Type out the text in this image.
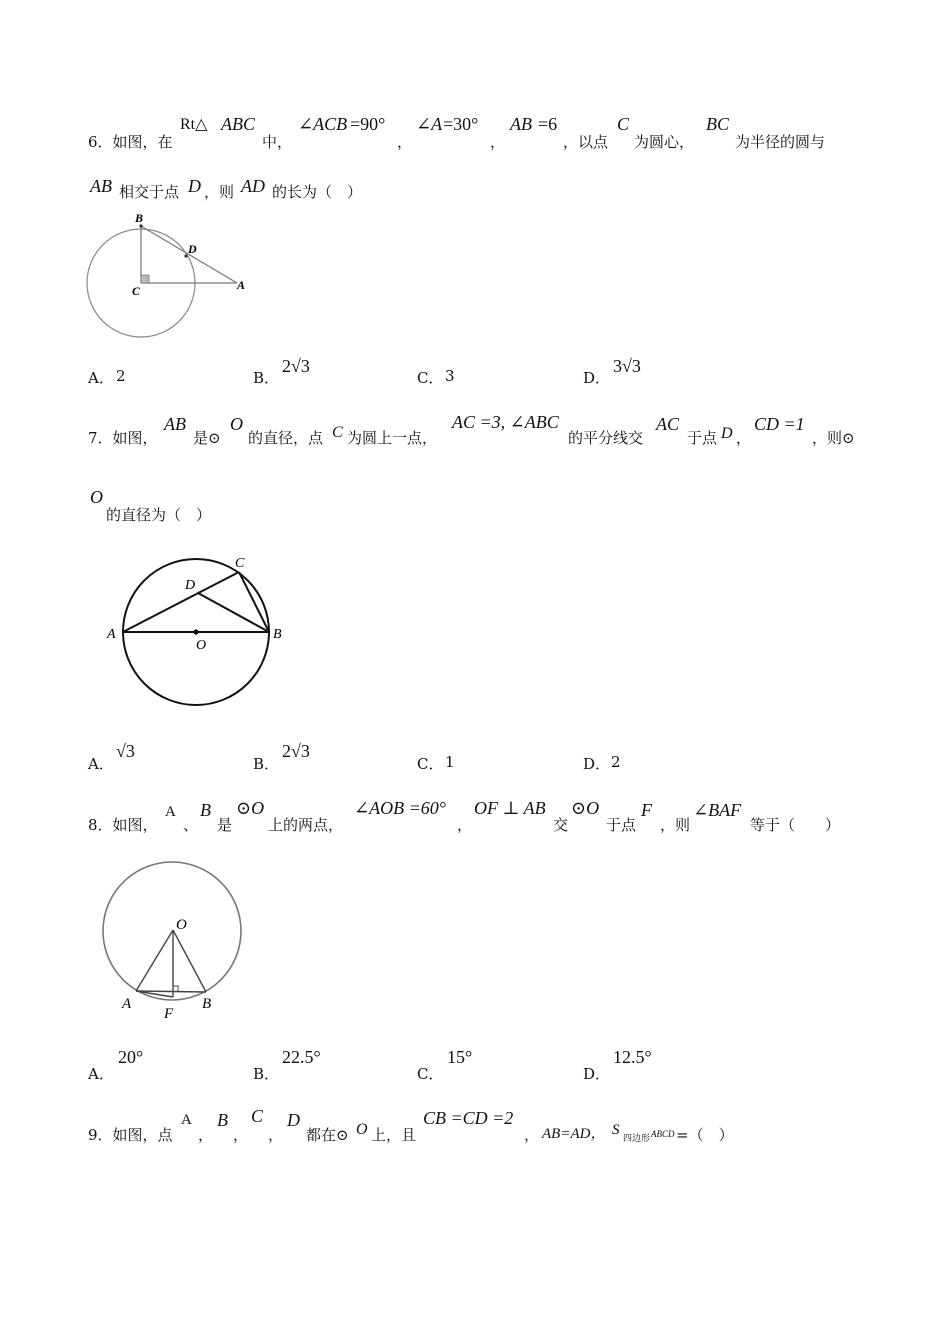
6．如图，在
Rt△ ABC
中，
∠ACB =90°
，
∠A =30°
，
AB =6
，以点
C
为圆心，
BC
为半径的圆与
AB 相交于点 D ，则 AD 的长为（　）
B
D
C	A
A． 2	B．
2√3
C． 3	D．
3√3
7．如图，
AB
是⊙
O
的直径，点 C 为圆上一点，
AC =3, ∠ABC
的平分线交
AC
于点 D ，
CD =1
，则⊙
O
的直径为（　）
A	B
C
D
O
A．
√3
B．
2√3
C． 1	D． 2
8．如图，
A
、
B
是
⊙O
上的两点，
∠AOB =60°
，
OF ⊥ AB
交
⊙O
于点
F
，则
∠BAF
等于（　　）
O
A
F
B
A．
20°
B．
22.5°
C．
15°
D．
12.5°
9．如图，点
A
，
B
，
C
，
D
都在⊙ O 上，且
CB =CD =2
， AB=AD， S
四边形 ABCD =（　）
